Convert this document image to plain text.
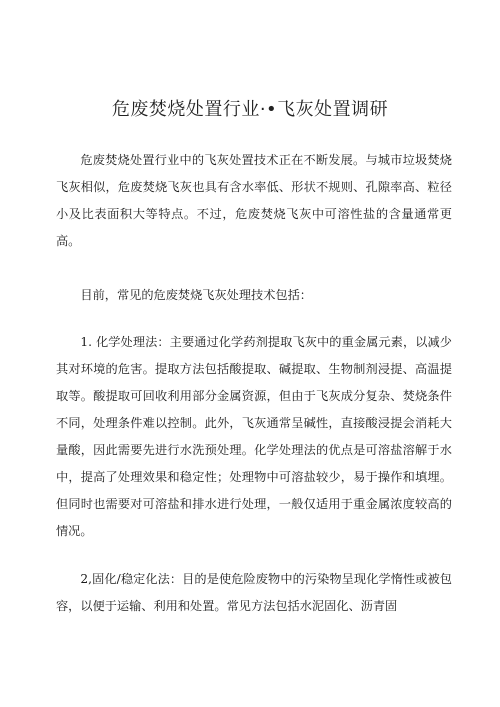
危废焚烧处置行业·•飞灰处置调研

危废焚烧处置行业中的飞灰处置技术正在不断发展。与城市垃圾焚烧飞灰相似，危废焚烧飞灰也具有含水率低、形状不规则、孔隙率高、粒径小及比表面积大等特点。不过，危废焚烧飞灰中可溶性盐的含量通常更高。

目前，常见的危废焚烧飞灰处理技术包括：

1. 化学处理法：主要通过化学药剂提取飞灰中的重金属元素，以减少其对环境的危害。提取方法包括酸提取、碱提取、生物制剂浸提、高温提取等。酸提取可回收利用部分金属资源，但由于飞灰成分复杂、焚烧条件不同，处理条件难以控制。此外，飞灰通常呈碱性，直接酸浸提会消耗大量酸，因此需要先进行水洗预处理。化学处理法的优点是可溶盐溶解于水中，提高了处理效果和稳定性；处理物中可溶盐较少，易于操作和填埋。但同时也需要对可溶盐和排水进行处理，一般仅适用于重金属浓度较高的情况。

2,固化/稳定化法：目的是使危险废物中的污染物呈现化学惰性或被包容，以便于运输、利用和处置。常见方法包括水泥固化、沥青固
